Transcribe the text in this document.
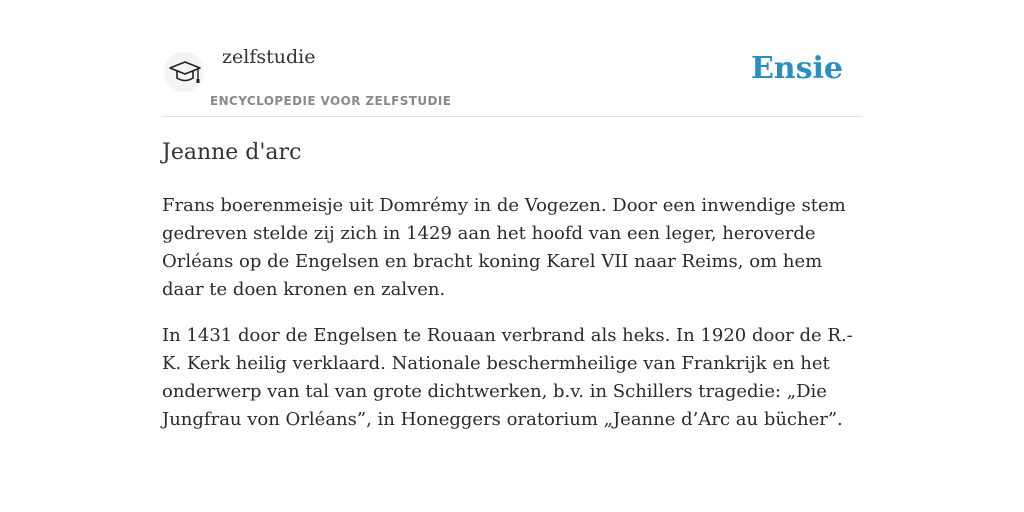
zelfstudie
ENCYCLOPEDIE VOOR ZELFSTUDIE
Ensie
Jeanne d'arc

Frans boerenmeisje uit Domrémy in de Vogezen. Door een inwendige stem gedreven stelde zij zich in 1429 aan het hoofd van een leger, heroverde Orléans op de Engelsen en bracht koning Karel VII naar Reims, om hem daar te doen kronen en zalven.

In 1431 door de Engelsen te Rouaan verbrand als heks. In 1920 door de R.-K. Kerk heilig verklaard. Nationale beschermheilige van Frankrijk en het onderwerp van tal van grote dichtwerken, b.v. in Schillers tragedie: „Die Jungfrau von Orléans”, in Honeggers oratorium „Jeanne d’Arc au bücher”.
